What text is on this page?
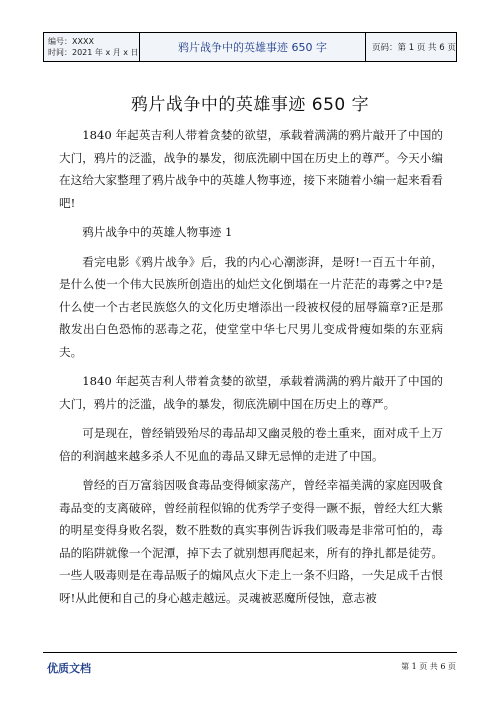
编号：XXXX
时间：2021 年 x 月 x 日	鸦片战争中的英雄事迹 650 字	页码：第 1 页 共 6 页
鸦片战争中的英雄事迹 650 字

1840 年起英吉利人带着贪婪的欲望，承载着满满的鸦片敲开了中国的大门，鸦片的泛滥，战争的暴发，彻底洗刷中国在历史上的尊严。今天小编在这给大家整理了鸦片战争中的英雄人物事迹，接下来随着小编一起来看看吧!

鸦片战争中的英雄人物事迹 1

看完电影《鸦片战争》后，我的内心心潮澎湃，是呀!一百五十年前，是什么使一个伟大民族所创造出的灿烂文化倒塌在一片茫茫的毒雾之中?是什么使一个古老民族悠久的文化历史增添出一段被权侵的屈辱篇章?正是那散发出白色恐怖的恶毒之花，使堂堂中华七尺男儿变成骨瘦如柴的东亚病夫。

1840 年起英吉利人带着贪婪的欲望，承载着满满的鸦片敲开了中国的大门，鸦片的泛滥，战争的暴发，彻底洗刷中国在历史上的尊严。

可是现在，曾经销毁殆尽的毒品却又幽灵般的卷土重来，面对成千上万倍的利润越来越多杀人不见血的毒品又肆无忌惮的走进了中国。

曾经的百万富翁因吸食毒品变得倾家荡产，曾经幸福美满的家庭因吸食毒品变的支离破碎，曾经前程似锦的优秀学子变得一蹶不振，曾经大红大紫的明星变得身败名裂，数不胜数的真实事例告诉我们吸毒是非常可怕的，毒品的陷阱就像一个泥潭，掉下去了就别想再爬起来，所有的挣扎都是徒劳。一些人吸毒则是在毒品贩子的煽风点火下走上一条不归路，一失足成千古恨呀!从此便和自己的身心越走越远。灵魂被恶魔所侵蚀，意志被

优质文档	第 1 页 共 6 页
